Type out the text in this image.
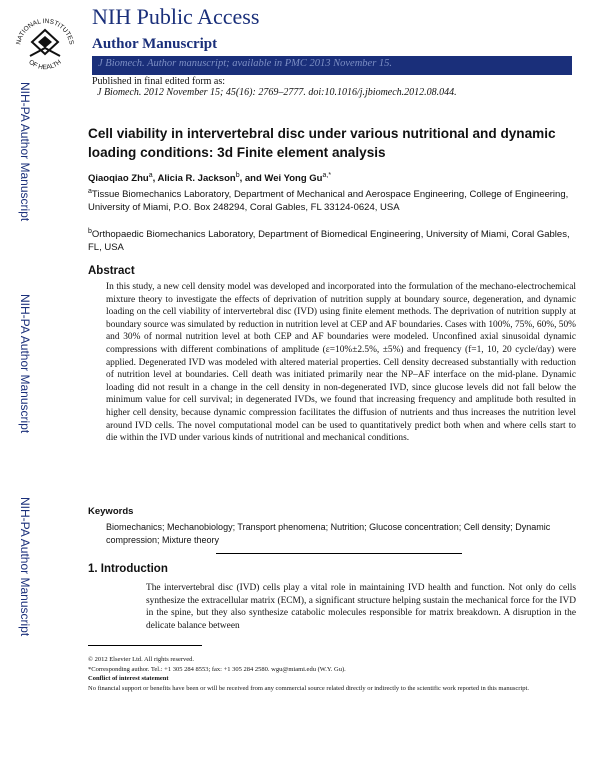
NATIONAL INSTITUTES
OF HEALTH
NIH Public Access
Author Manuscript
J Biomech. Author manuscript; available in PMC 2013 November 15.
Published in final edited form as:
J Biomech. 2012 November 15; 45(16): 2769–2777. doi:10.1016/j.jbiomech.2012.08.044.
NIH-PA Author Manuscript
NIH-PA Author Manuscript
NIH-PA Author Manuscript
Cell viability in intervertebral disc under various nutritional and dynamic loading conditions: 3d Finite element analysis
Qiaoqiao Zhu$^a$, Alicia R. Jackson$^b$, and Wei Yong $Gu^{a,*}$
$^a$Tissue Biomechanics Laboratory, Department of Mechanical and Aerospace Engineering, College of Engineering, University of Miami, P.O. Box 248294, Coral Gables, FL 33124-0624, USA
$^b$Orthopaedic Biomechanics Laboratory, Department of Biomedical Engineering, University of Miami, Coral Gables, FL, USA
Abstract
In this study, a new cell density model was developed and incorporated into the formulation of the mechano-electrochemical mixture theory to investigate the effects of deprivation of nutrition supply at boundary source, degeneration, and dynamic loading on the cell viability of intervertebral disc (IVD) using finite element methods. The deprivation of nutrition supply at boundary source was simulated by reduction in nutrition level at CEP and AF boundaries. Cases with 100%, 75%, 60%, 50% and 30% of normal nutrition level at both CEP and AF boundaries were modeled. Unconfined axial sinusoidal dynamic compressions with different combinations of amplitude (ε=10%±2.5%, ±5%) and frequency (f=1, 10, 20 cycle/day) were applied. Degenerated IVD was modeled with altered material properties. Cell density decreased substantially with reduction of nutrition level at boundaries. Cell death was initiated primarily near the NP–AF interface on the mid-plane. Dynamic loading did not result in a change in the cell density in non-degenerated IVD, since glucose levels did not fall below the minimum value for cell survival; in degenerated IVDs, we found that increasing frequency and amplitude both resulted in higher cell density, because dynamic compression facilitates the diffusion of nutrients and thus increases the nutrition level around IVD cells. The novel computational model can be used to quantitatively predict both when and where cells start to die within the IVD under various kinds of nutritional and mechanical conditions.
Keywords
Biomechanics; Mechanobiology; Transport phenomena; Nutrition; Glucose concentration; Cell density; Dynamic compression; Mixture theory
1. Introduction
The intervertebral disc (IVD) cells play a vital role in maintaining IVD health and function. Not only do cells synthesize the extracellular matrix (ECM), a significant structure helping sustain the mechanical force for the IVD in the spine, but they also synthesize catabolic molecules responsible for matrix breakdown. A disruption in the delicate balance between
© 2012 Elsevier Ltd. All rights reserved.
*Corresponding author. Tel.: +1 305 284 8553; fax: +1 305 284 2580. wgu@miami.edu (W.Y. Gu).
Conflict of interest statement
No financial support or benefits have been or will be received from any commercial source related directly or indirectly to the scientific work reported in this manuscript.
